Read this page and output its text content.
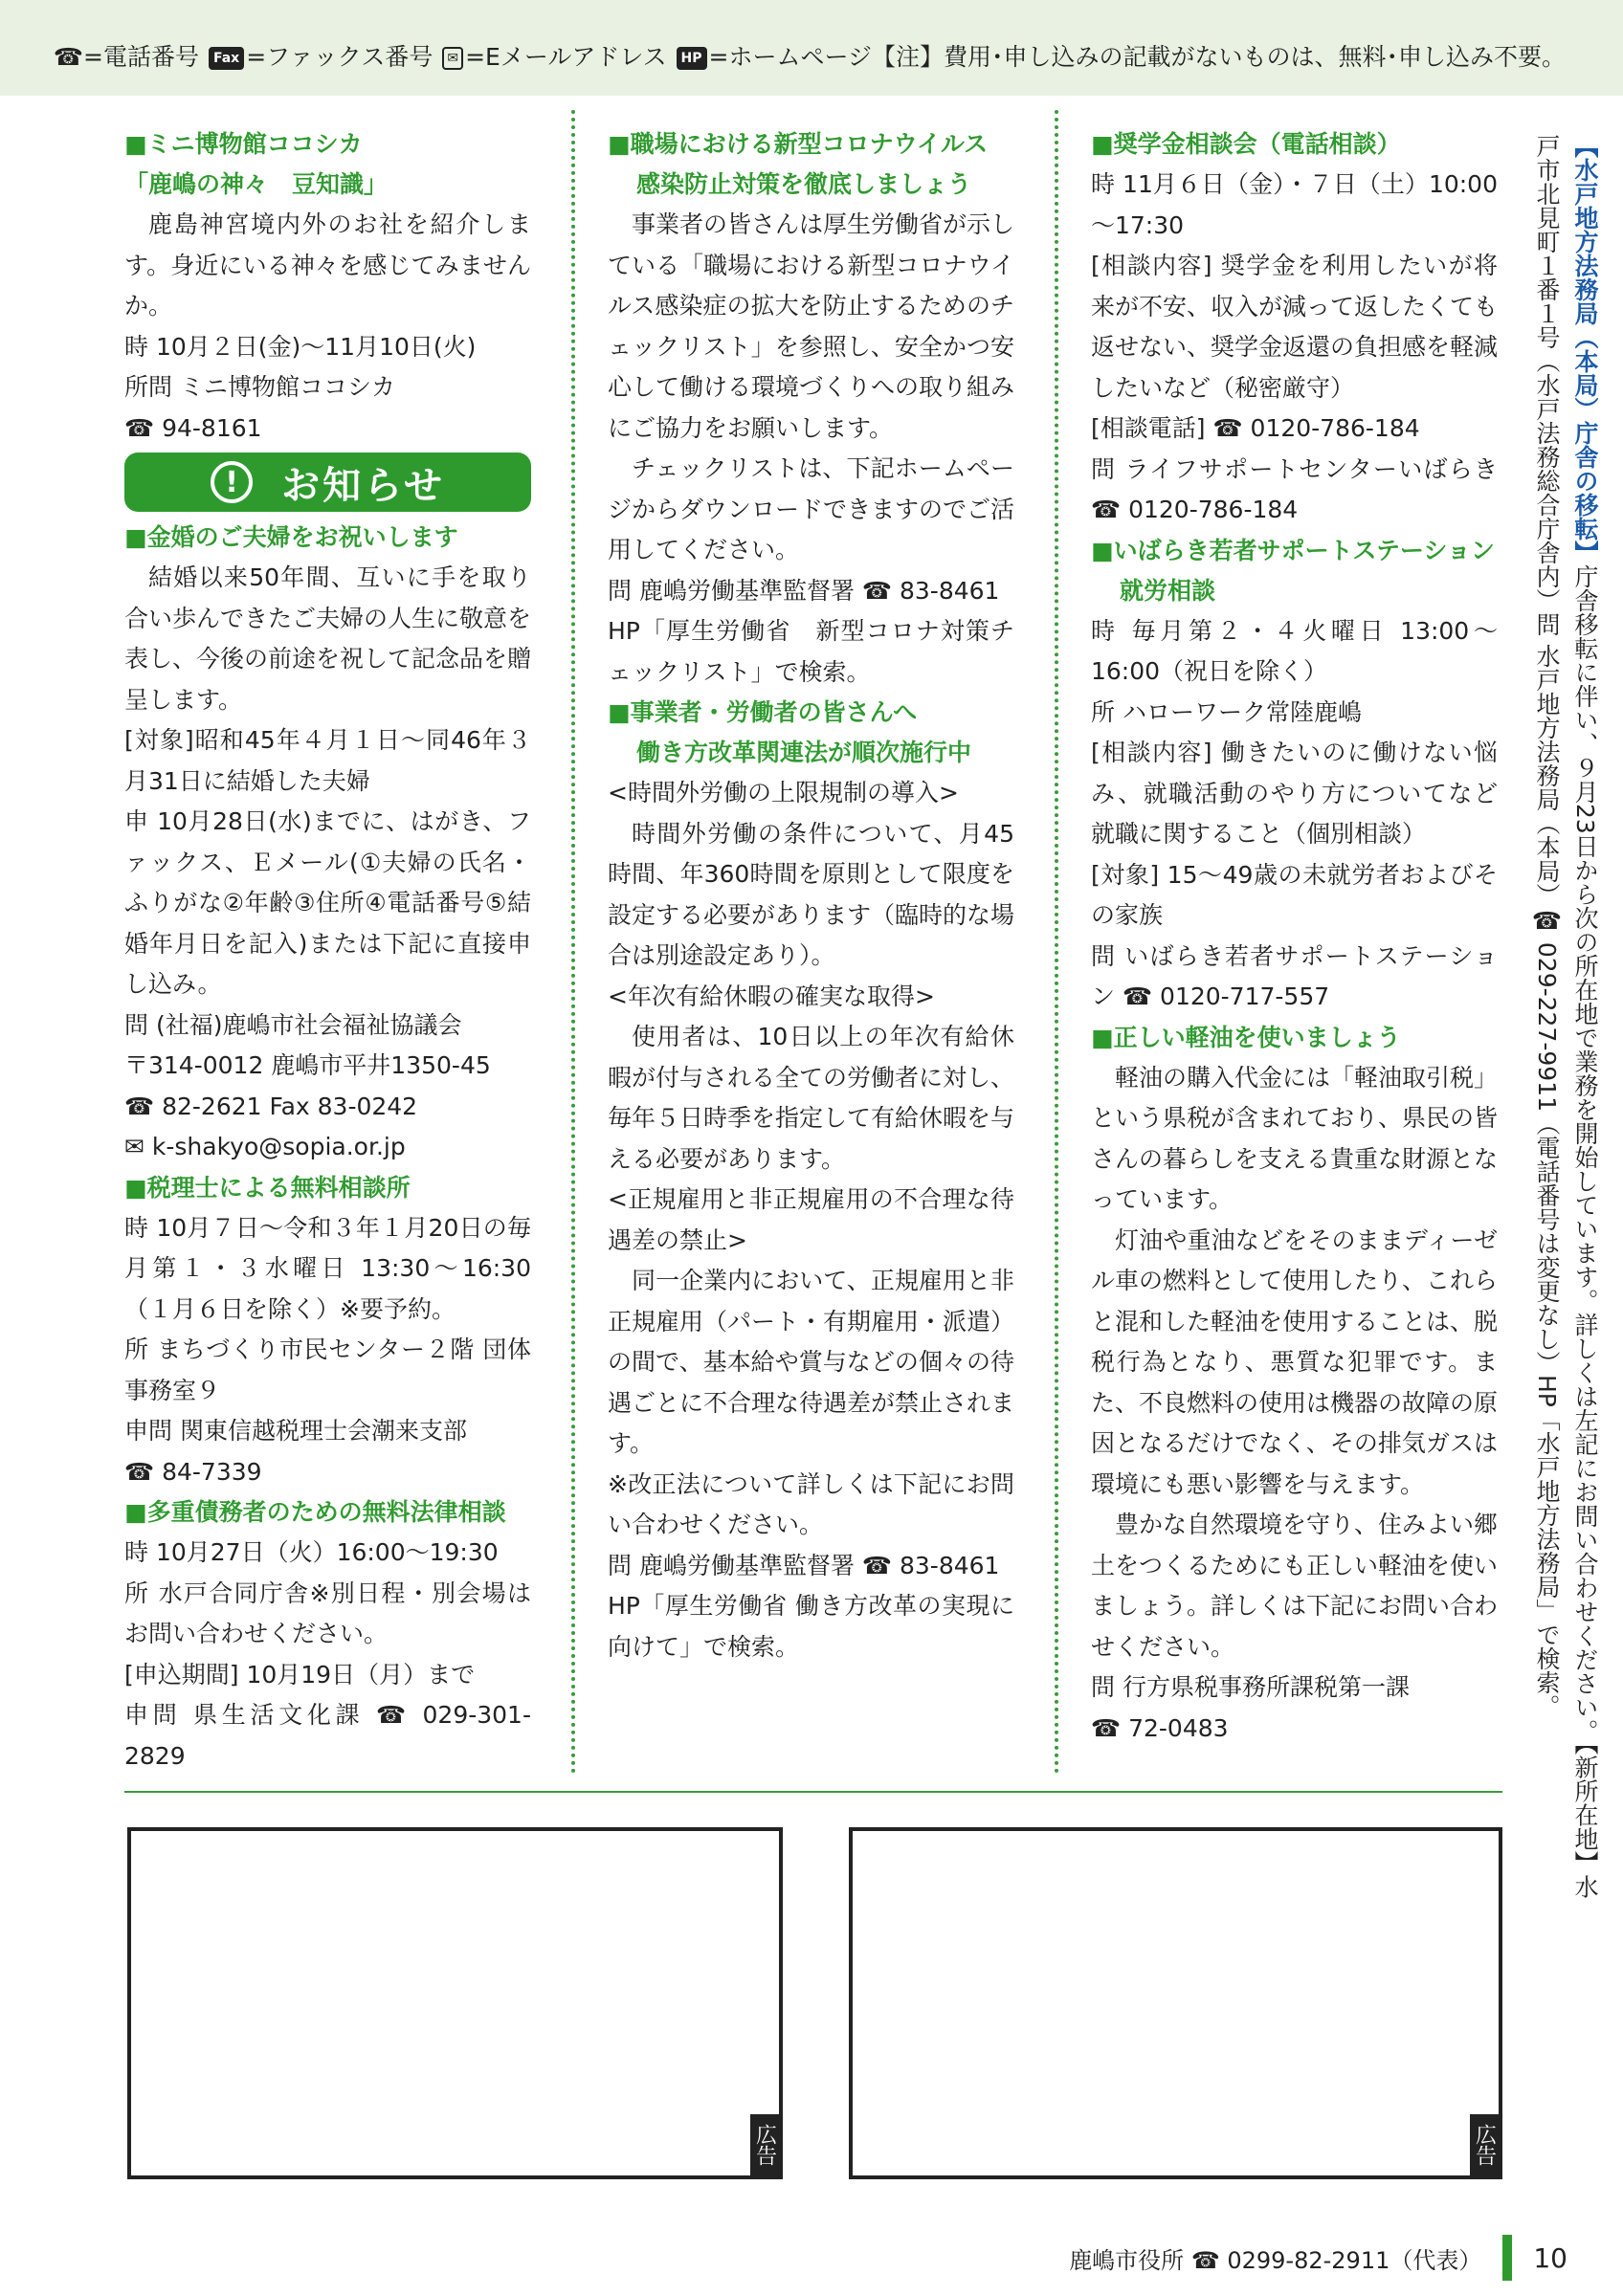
☎=電話番号 Fax =ファックス番号 ✉ =Eメールアドレス HP =ホームページ【注】費用･申し込みの記載がないものは、無料･申し込み不要。
■ミニ博物館ココシカ
「鹿嶋の神々　豆知識」

鹿島神宮境内外のお社を紹介します。身近にいる神々を感じてみませんか。

時 10月２日(金)～11月10日(火)
所問 ミニ博物館ココシカ
☎ 94-8161
!	お知らせ
■金婚のご夫婦をお祝いします

結婚以来50年間、互いに手を取り合い歩んできたご夫婦の人生に敬意を表し、今後の前途を祝して記念品を贈呈します。

[対象]昭和45年４月１日～同46年３月31日に結婚した夫婦

申 10月28日(水)までに、はがき、ファックス、Ｅメール(①夫婦の氏名・ふりがな②年齢③住所④電話番号⑤結婚年月日を記入)または下記に直接申し込み。

問 (社福)鹿嶋市社会福祉協議会
〒314-0012 鹿嶋市平井1350-45
☎ 82-2621 Fax 83-0242
✉ k-shakyo@sopia.or.jp
■税理士による無料相談所

時 10月７日～令和３年１月20日の毎月第１・３水曜日 13:30～16:30（１月６日を除く）※要予約。

所 まちづくり市民センター２階 団体事務室９

申問 関東信越税理士会潮来支部
☎ 84-7339
■多重債務者のための無料法律相談
時 10月27日（火）16:00～19:30

所 水戸合同庁舎※別日程・別会場はお問い合わせください。

[申込期間] 10月19日（月）まで

申問 県生活文化課 ☎ 029-301-2829

■職場における新型コロナウイルス
感染防止対策を徹底しましょう

事業者の皆さんは厚生労働省が示している「職場における新型コロナウイルス感染症の拡大を防止するためのチェックリスト」を参照し、安全かつ安心して働ける環境づくりへの取り組みにご協力をお願いします。

チェックリストは、下記ホームページからダウンロードできますのでご活用してください。

問 鹿嶋労働基準監督署 ☎ 83-8461

HP「厚生労働省　新型コロナ対策チェックリスト」で検索。

■事業者・労働者の皆さんへ
働き方改革関連法が順次施行中
<時間外労働の上限規制の導入>

時間外労働の条件について、月45時間、年360時間を原則として限度を設定する必要があります（臨時的な場合は別途設定あり）。

<年次有給休暇の確実な取得>

使用者は、10日以上の年次有給休暇が付与される全ての労働者に対し、毎年５日時季を指定して有給休暇を与える必要があります。

<正規雇用と非正規雇用の不合理な待遇差の禁止>

同一企業内において、正規雇用と非正規雇用（パート・有期雇用・派遣）の間で、基本給や賞与などの個々の待遇ごとに不合理な待遇差が禁止されます。

※改正法について詳しくは下記にお問い合わせください。

問 鹿嶋労働基準監督署 ☎ 83-8461

HP「厚生労働省 働き方改革の実現に向けて」で検索。

■奨学金相談会（電話相談）

時 11月６日（金）・７日（土）10:00～17:30

[相談内容] 奨学金を利用したいが将来が不安、収入が減って返したくても返せない、奨学金返還の負担感を軽減したいなど（秘密厳守）

[相談電話] ☎ 0120-786-184

問 ライフサポートセンターいばらき ☎ 0120-786-184

■いばらき若者サポートステーション
就労相談

時 毎月第２・４火曜日 13:00～16:00（祝日を除く）

所 ハローワーク常陸鹿嶋

[相談内容] 働きたいのに働けない悩み、就職活動のやり方についてなど就職に関すること（個別相談）

[対象] 15～49歳の未就労者およびその家族

問 いばらき若者サポートステーション ☎ 0120-717-557

■正しい軽油を使いましょう

軽油の購入代金には「軽油取引税」という県税が含まれており、県民の皆さんの暮らしを支える貴重な財源となっています。

灯油や重油などをそのままディーゼル車の燃料として使用したり、これらと混和した軽油を使用することは、脱税行為となり、悪質な犯罪です。また、不良燃料の使用は機器の故障の原因となるだけでなく、その排気ガスは環境にも悪い影響を与えます。

豊かな自然環境を守り、住みよい郷土をつくるためにも正しい軽油を使いましょう。詳しくは下記にお問い合わせください。

問 行方県税事務所課税第一課
☎ 72-0483
【水戸地方法務局（本局）庁舎の移転】庁舎移転に伴い、９月23日から次の所在地で業務を開始しています。詳しくは左記にお問い合わせください。【新所在地】水戸市北見町１番１号（水戸法務総合庁舎内）問 水戸地方法務局（本局）☎ 029-227-9911（電話番号は変更なし）HP「水戸地方法務局」で検索。
広告	広告
鹿嶋市役所 ☎ 0299-82-2911（代表） 10
